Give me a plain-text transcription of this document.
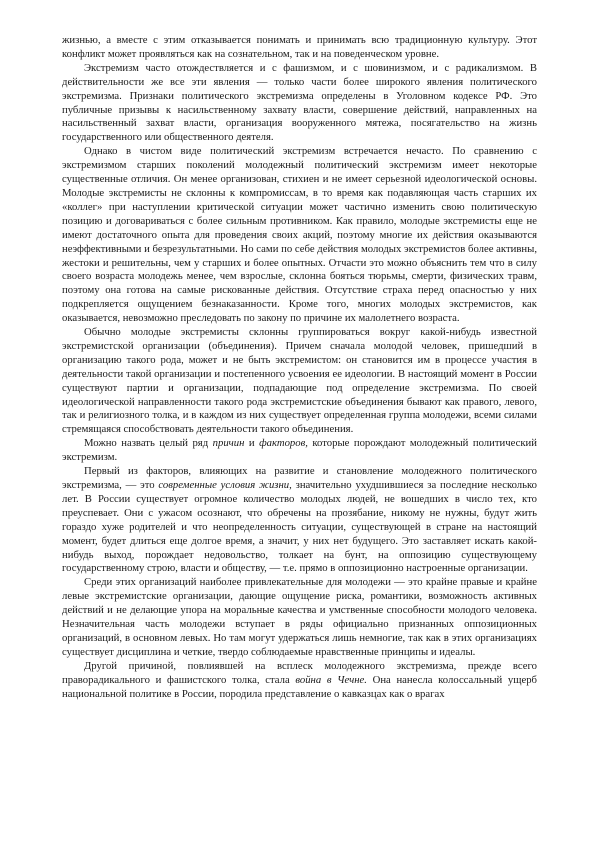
жизнью, а вместе с этим отказывается понимать и принимать всю традиционную культуру. Этот конфликт может проявляться как на сознательном, так и на поведенческом уровне.

Экстремизм часто отождествляется и с фашизмом, и с шовинизмом, и с радикализмом. В действительности же все эти явления — только части более широкого явления политического экстремизма. Признаки политического экстремизма определены в Уголовном кодексе РФ. Это публичные призывы к насильственному захвату власти, совершение действий, направленных на насильственный захват власти, организация вооруженного мятежа, посягательство на жизнь государственного или общественного деятеля.

Однако в чистом виде политический экстремизм встречается нечасто. По сравнению с экстремизмом старших поколений молодежный политический экстремизм имеет некоторые существенные отличия. Он менее организован, стихиен и не имеет серьезной идеологической основы. Молодые экстремисты не склонны к компромиссам, в то время как подавляющая часть старших их «коллег» при наступлении критической ситуации может частично изменить свою политическую позицию и договариваться с более сильным противником. Как правило, молодые экстремисты еще не имеют достаточного опыта для проведения своих акций, поэтому многие их действия оказываются неэффективными и безрезультатными. Но сами по себе действия молодых экстремистов более активны, жестоки и решительны, чем у старших и более опытных. Отчасти это можно объяснить тем что в силу своего возраста молодежь менее, чем взрослые, склонна бояться тюрьмы, смерти, физических травм, поэтому она готова на самые рискованные действия. Отсутствие страха перед опасностью у них подкрепляется ощущением безнаказанности. Кроме того, многих молодых экстремистов, как оказывается, невозможно преследовать по закону по причине их малолетнего возраста.

Обычно молодые экстремисты склонны группироваться вокруг какой-нибудь известной экстремистской организации (объединения). Причем сначала молодой человек, пришедший в организацию такого рода, может и не быть экстремистом: он становится им в процессе участия в деятельности такой организации и постепенного усвоения ее идеологии. В настоящий момент в России существуют партии и организации, подпадающие под определение экстремизма. По своей идеологической направленности такого рода экстремистские объединения бывают как правого, левого, так и религиозного толка, и в каждом из них существует определенная группа молодежи, всеми силами стремящаяся способствовать деятельности такого объединения.

Можно назвать целый ряд причин и факторов, которые порождают молодежный политический экстремизм.

Первый из факторов, влияющих на развитие и становление молодежного политического экстремизма, — это современные условия жизни, значительно ухудшившиеся за последние несколько лет. В России существует огромное количество молодых людей, не вошедших в число тех, кто преуспевает. Они с ужасом осознают, что обречены на прозябание, никому не нужны, будут жить гораздо хуже родителей и что неопределенность ситуации, существующей в стране на настоящий момент, будет длиться еще долгое время, а значит, у них нет будущего. Это заставляет искать какой-нибудь выход, порождает недовольство, толкает на бунт, на оппозицию существующему государственному строю, власти и обществу, — т.е. прямо в оппозиционно настроенные организации.

Среди этих организаций наиболее привлекательные для молодежи — это крайне правые и крайне левые экстремистские организации, дающие ощущение риска, романтики, возможность активных действий и не делающие упора на моральные качества и умственные способности молодого человека. Незначительная часть молодежи вступает в ряды официально признанных оппозиционных организаций, в основном левых. Но там могут удержаться лишь немногие, так как в этих организациях существует дисциплина и четкие, твердо соблюдаемые нравственные принципы и идеалы.

Другой причиной, повлиявшей на всплеск молодежного экстремизма, прежде всего праворадикального и фашистского толка, стала война в Чечне. Она нанесла колоссальный ущерб национальной политике в России, породила представление о кавказцах как о врагах
